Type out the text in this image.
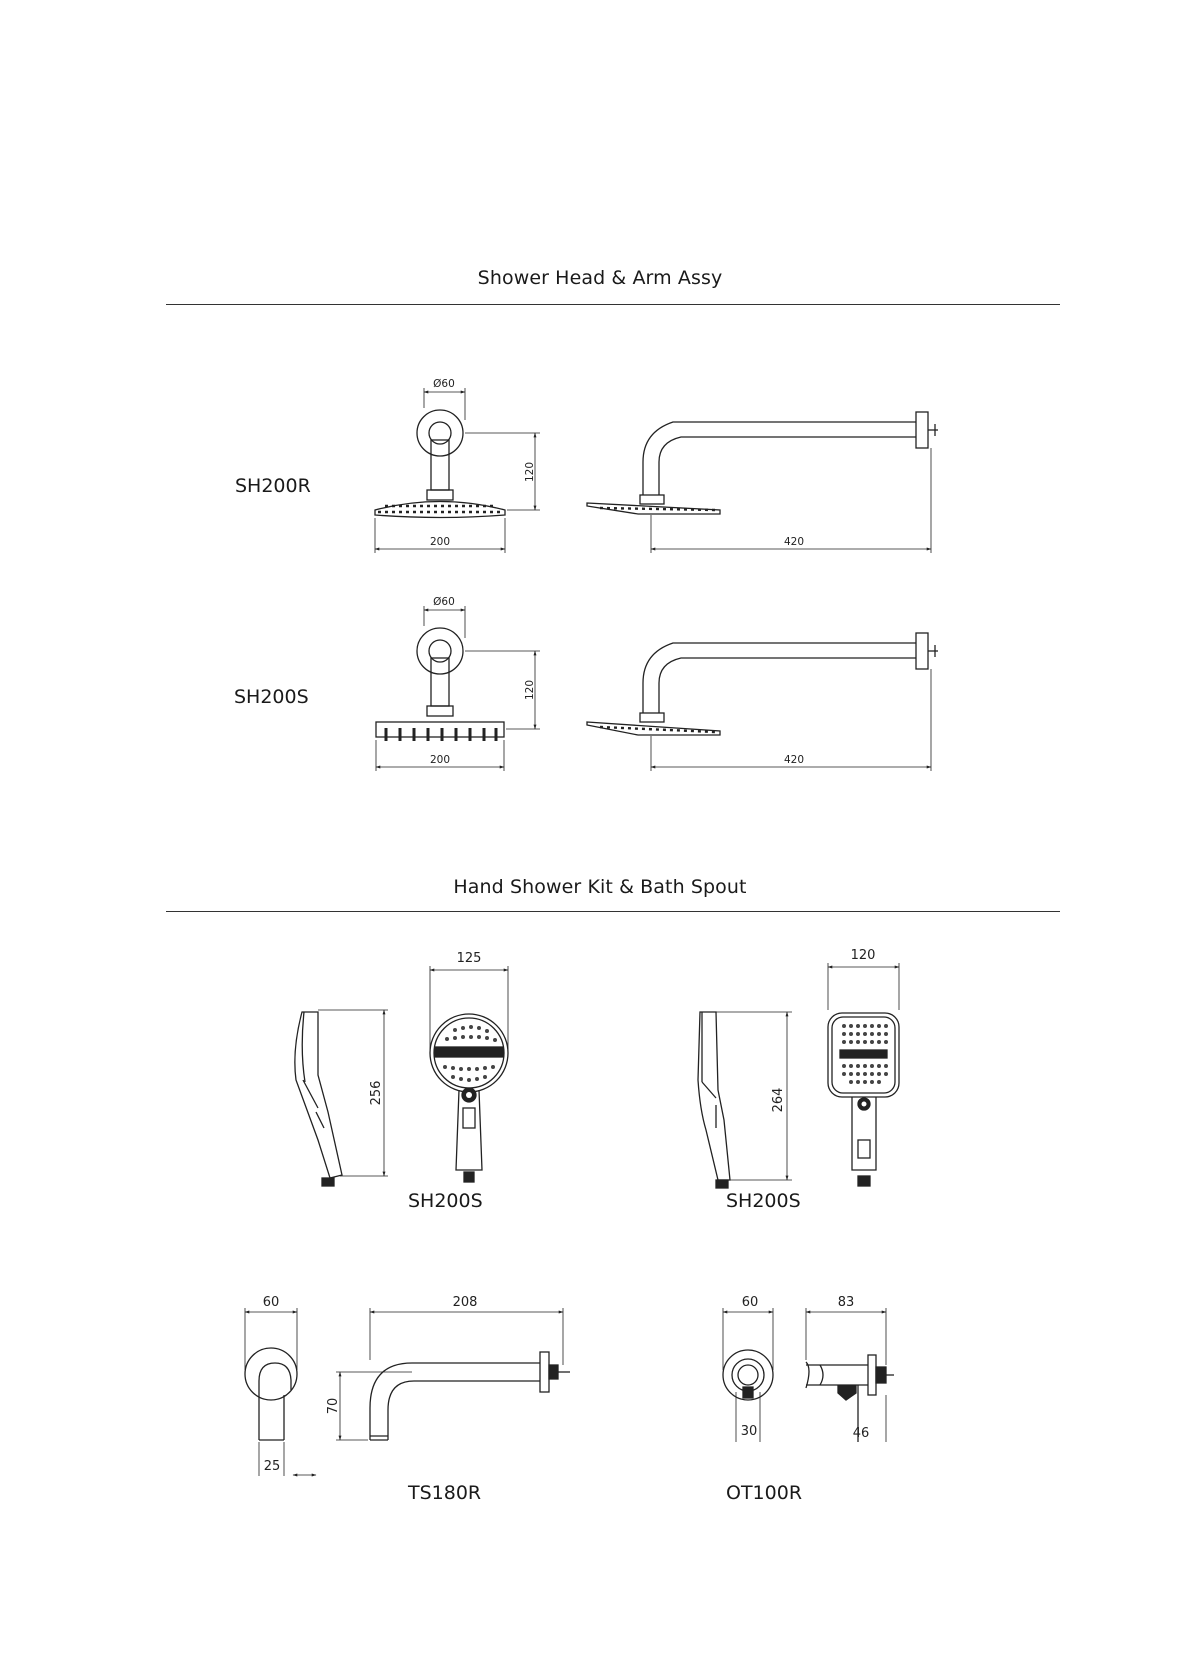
Shower Head & Arm Assy
Hand Shower Kit & Bath Spout
SH200R
SH200S
SH200S	SH200S
TS180R	OT100R
Ø60
120
200	420
Ø60
120
200	420
125
256
120
264
60	208
70
25
60	83
30	46
